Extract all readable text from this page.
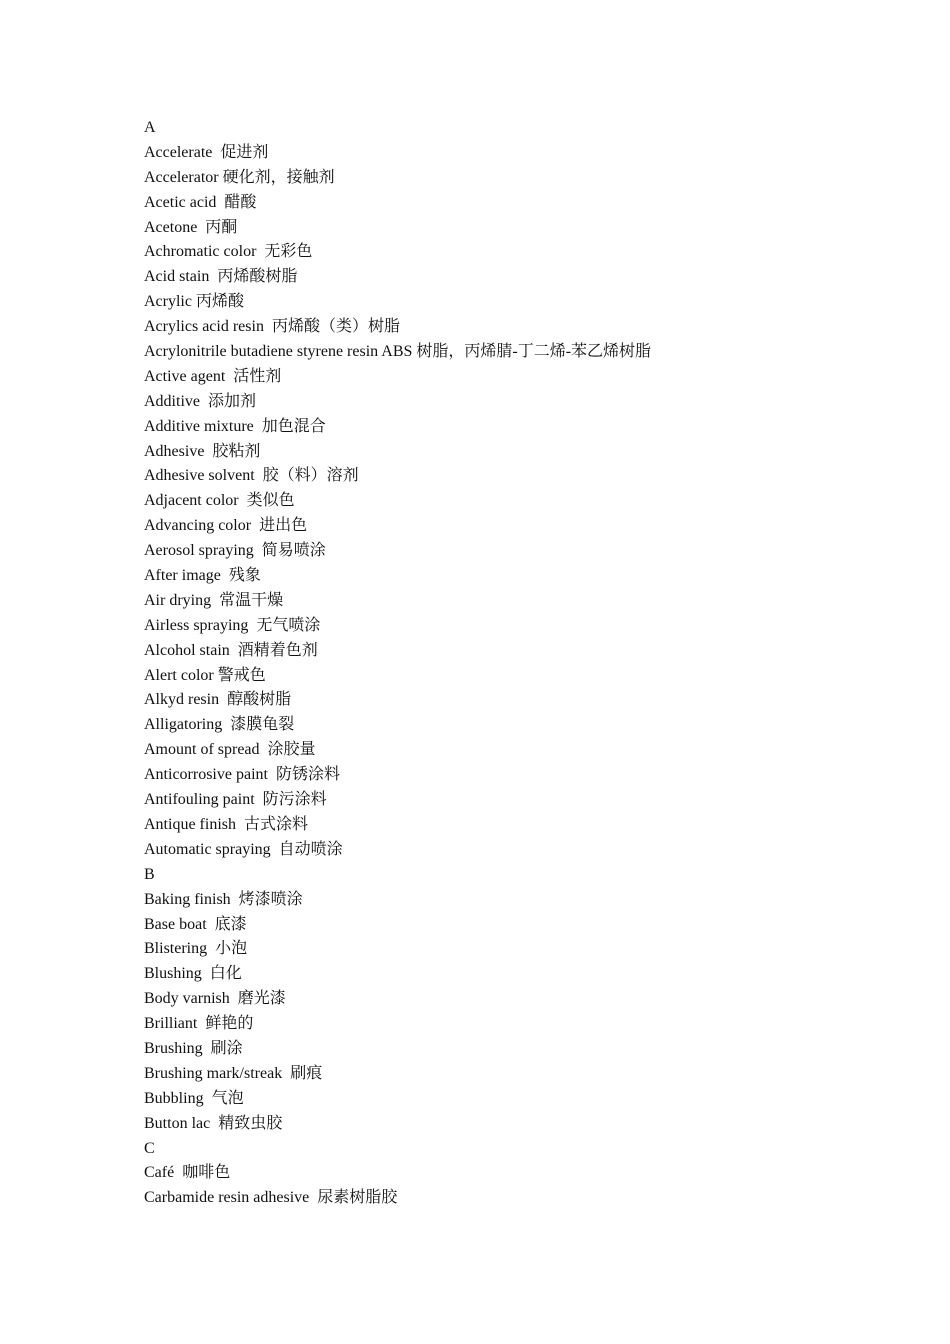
A
Accelerate  促进剂
Accelerator 硬化剂，接触剂
Acetic acid  醋酸
Acetone  丙酮
Achromatic color  无彩色
Acid stain  丙烯酸树脂
Acrylic 丙烯酸
Acrylics acid resin  丙烯酸（类）树脂
Acrylonitrile butadiene styrene resin ABS 树脂，丙烯腈-丁二烯-苯乙烯树脂
Active agent  活性剂
Additive  添加剂
Additive mixture  加色混合
Adhesive  胶粘剂
Adhesive solvent  胶（料）溶剂
Adjacent color  类似色
Advancing color  进出色
Aerosol spraying  简易喷涂
After image  残象
Air drying  常温干燥
Airless spraying  无气喷涂
Alcohol stain  酒精着色剂
Alert color 警戒色
Alkyd resin  醇酸树脂
Alligatoring  漆膜龟裂
Amount of spread  涂胶量
Anticorrosive paint  防锈涂料
Antifouling paint  防污涂料
Antique finish  古式涂料
Automatic spraying  自动喷涂
B
Baking finish  烤漆喷涂
Base boat  底漆
Blistering  小泡
Blushing  白化
Body varnish  磨光漆
Brilliant  鲜艳的
Brushing  刷涂
Brushing mark/streak  刷痕
Bubbling  气泡
Button lac  精致虫胶
C
Café  咖啡色
Carbamide resin adhesive  尿素树脂胶
